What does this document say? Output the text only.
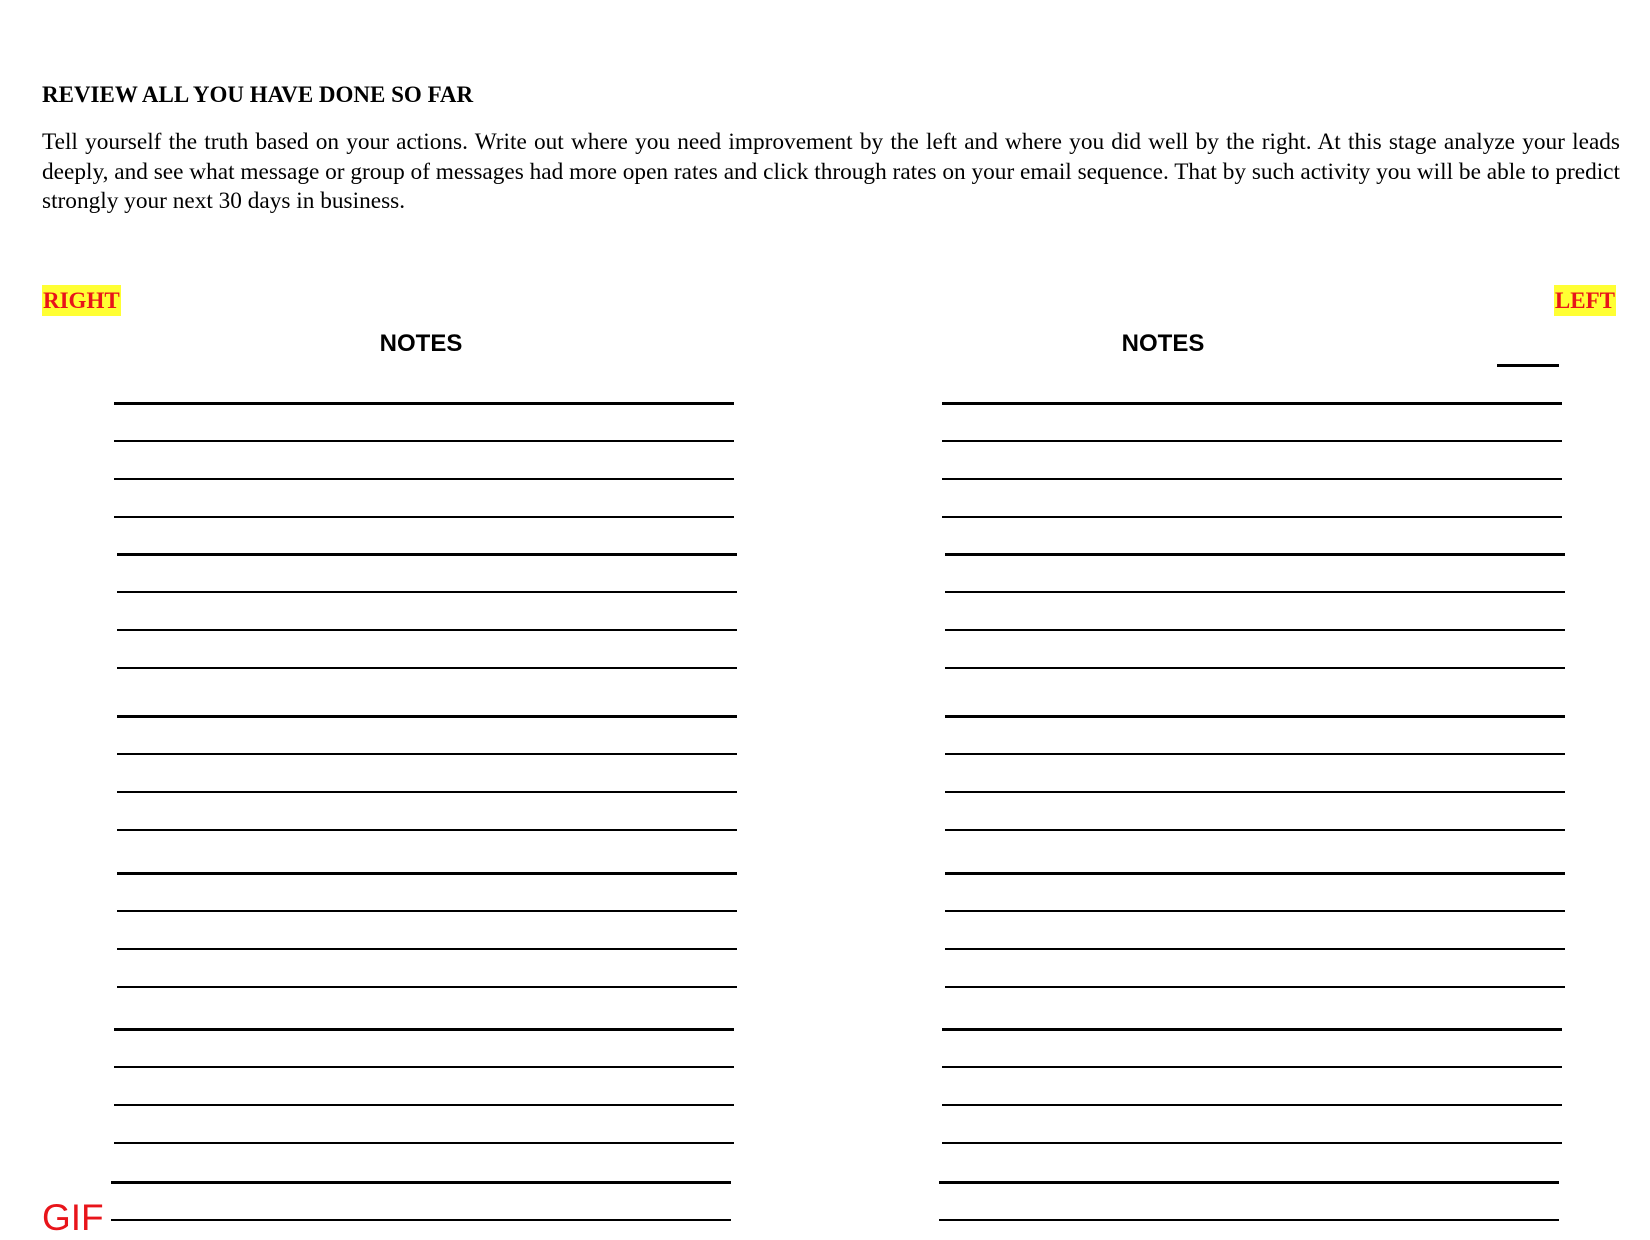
REVIEW ALL YOU HAVE DONE SO FAR

Tell yourself the truth based on your actions. Write out where you need improvement by the left and where you did well by the right. At this stage analyze your leads deeply, and see what message or group of messages had more open rates and click through rates on your email sequence. That by such activity you will be able to predict strongly your next 30 days in business.

RIGHT	LEFT
NOTES	NOTES
GIF
